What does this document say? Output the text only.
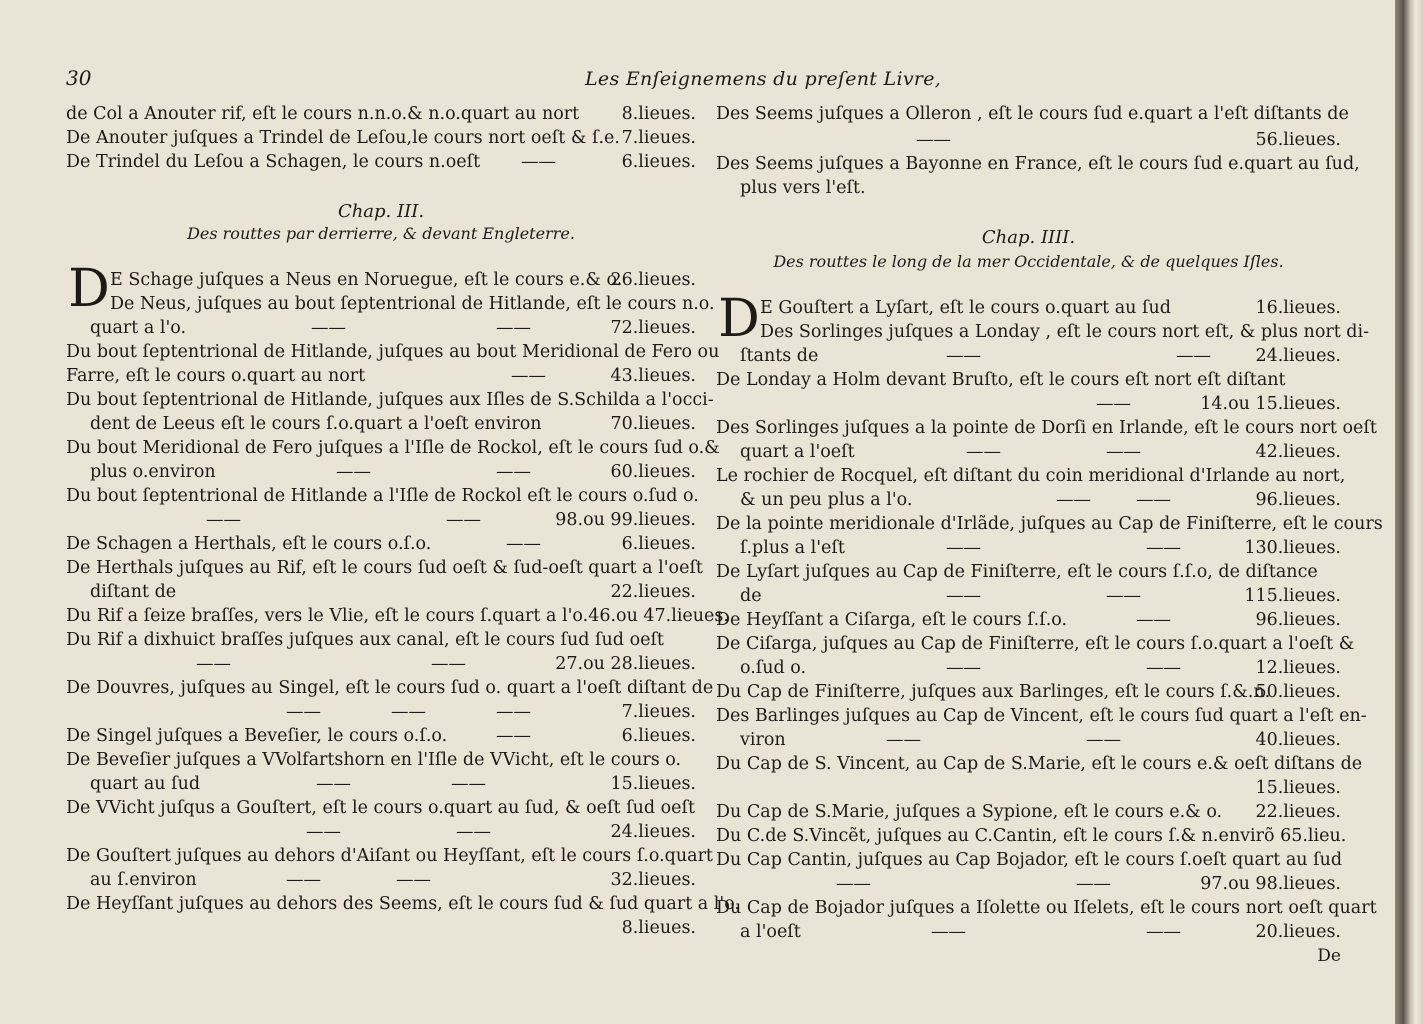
30	Les Enſeignemens du preſent Livre,
de Col a Anouter rif, eſt le cours n.n.o.& n.o.quart au nort 8.lieues.
De Anouter juſques a Trindel de Leſou,le cours nort oeſt & ſ.e. 7.lieues.
De Trindel du Leſou a Schagen, le cours n.oeſt ——	6.lieues.
Chap. III.
Des routtes par derrierre, & devant Engleterre.
D E Schage juſques a Neus en Noruegue, eſt le cours e.& o.
26.lieues.
De Neus, juſques au bout ſeptentrional de Hitlande, eſt le cours n.o.
quart a l'o.	——	——	72.lieues.
Du bout ſeptentrional de Hitlande, juſques au bout Meridional de Fero ou
Farre, eſt le cours o.quart au nort	——	43.lieues.
Du bout ſeptentrional de Hitlande, juſques aux Iſles de S.Schilda a l'occi-
dent de Leeus eſt le cours ſ.o.quart a l'oeſt environ	70.lieues.
Du bout Meridional de Fero juſques a l'Iſle de Rockol, eſt le cours ſud o.&
plus o.environ	——	——	60.lieues.
Du bout ſeptentrional de Hitlande a l'Iſle de Rockol eſt le cours o.ſud o.
——	——	98.ou 99.lieues.
De Schagen a Herthals, eſt le cours o.ſ.o.	——	6.lieues.
De Herthals juſques au Rif, eſt le cours ſud oeſt & ſud-oeſt quart a l'oeſt
diſtant de	22.lieues.
Du Rif a ſeize braſſes, vers le Vlie, eſt le cours ſ.quart a l'o.46.ou 47.lieues.
Du Rif a dixhuict braſſes juſques aux canal, eſt le cours ſud ſud oeſt
——	——	27.ou 28.lieues.
De Douvres, juſques au Singel, eſt le cours ſud o. quart a l'oeſt diſtant de
——	——	——	7.lieues.
De Singel juſques a Beveſier, le cours o.ſ.o.	——	6.lieues.
De Beveſier juſques a VVolfartshorn en l'Iſle de VVicht, eſt le cours o.
quart au ſud	——	——	15.lieues.
De VVicht juſqus a Gouſtert, eſt le cours o.quart au ſud, & oeſt ſud oeſt
——	——	24.lieues.
De Gouſtert juſques au dehors d'Aiſant ou Heyſſant, eſt le cours ſ.o.quart
au ſ.environ	——	——	32.lieues.
De Heyſſant juſques au dehors des Seems, eſt le cours ſud & ſud quart a l'o.
8.lieues.
Des Seems juſques a Olleron , eſt le cours ſud e.quart a l'eſt diſtants de
——	56.lieues.
Des Seems juſques a Bayonne en France, eſt le cours ſud e.quart au ſud,
plus vers l'eſt.
Chap. IIII.
Des routtes le long de la mer Occidentale, & de quelques Iſles.
D E Gouſtert a Lyſart, eſt le cours o.quart au ſud	16.lieues.
Des Sorlinges juſques a Londay , eſt le cours nort eſt, & plus nort di-
ſtants de	——	——	24.lieues.
De Londay a Holm devant Bruſto, eſt le cours eſt nort eſt diſtant
——	14.ou 15.lieues.
Des Sorlinges juſques a la pointe de Dorſi en Irlande, eſt le cours nort oeſt
quart a l'oeſt	——	——	42.lieues.
Le rochier de Rocquel, eſt diſtant du coin meridional d'Irlande au nort,
& un peu plus a l'o.	——	——	96.lieues.
De la pointe meridionale d'Irlãde, juſques au Cap de Finiſterre, eſt le cours
ſ.plus a l'eſt	——	——	130.lieues.
De Lyſart juſques au Cap de Finiſterre, eſt le cours ſ.ſ.o, de diſtance
de	——	——	115.lieues.
De Heyſſant a Ciſarga, eſt le cours ſ.ſ.o.	——	96.lieues.
De Ciſarga, juſques au Cap de Finiſterre, eſt le cours ſ.o.quart a l'oeſt &
o.ſud o.	——	——	12.lieues.
Du Cap de Finiſterre, juſques aux Barlinges, eſt le cours ſ.&.n.
50.lieues.
Des Barlinges juſques au Cap de Vincent, eſt le cours ſud quart a l'eſt en-
viron	——	——	40.lieues.
Du Cap de S. Vincent, au Cap de S.Marie, eſt le cours e.& oeſt diſtans de
15.lieues.
Du Cap de S.Marie, juſques a Sypione, eſt le cours e.& o. 22.lieues.
Du C.de S.Vincẽt, juſques au C.Cantin, eſt le cours ſ.& n.envirõ 65.lieu.
Du Cap Cantin, juſques au Cap Bojador, eſt le cours ſ.oeſt quart au ſud
——	——	97.ou 98.lieues.
Du Cap de Bojador juſques a Iſolette ou Iſelets, eſt le cours nort oeſt quart
a l'oeſt	——	——	20.lieues.
De
